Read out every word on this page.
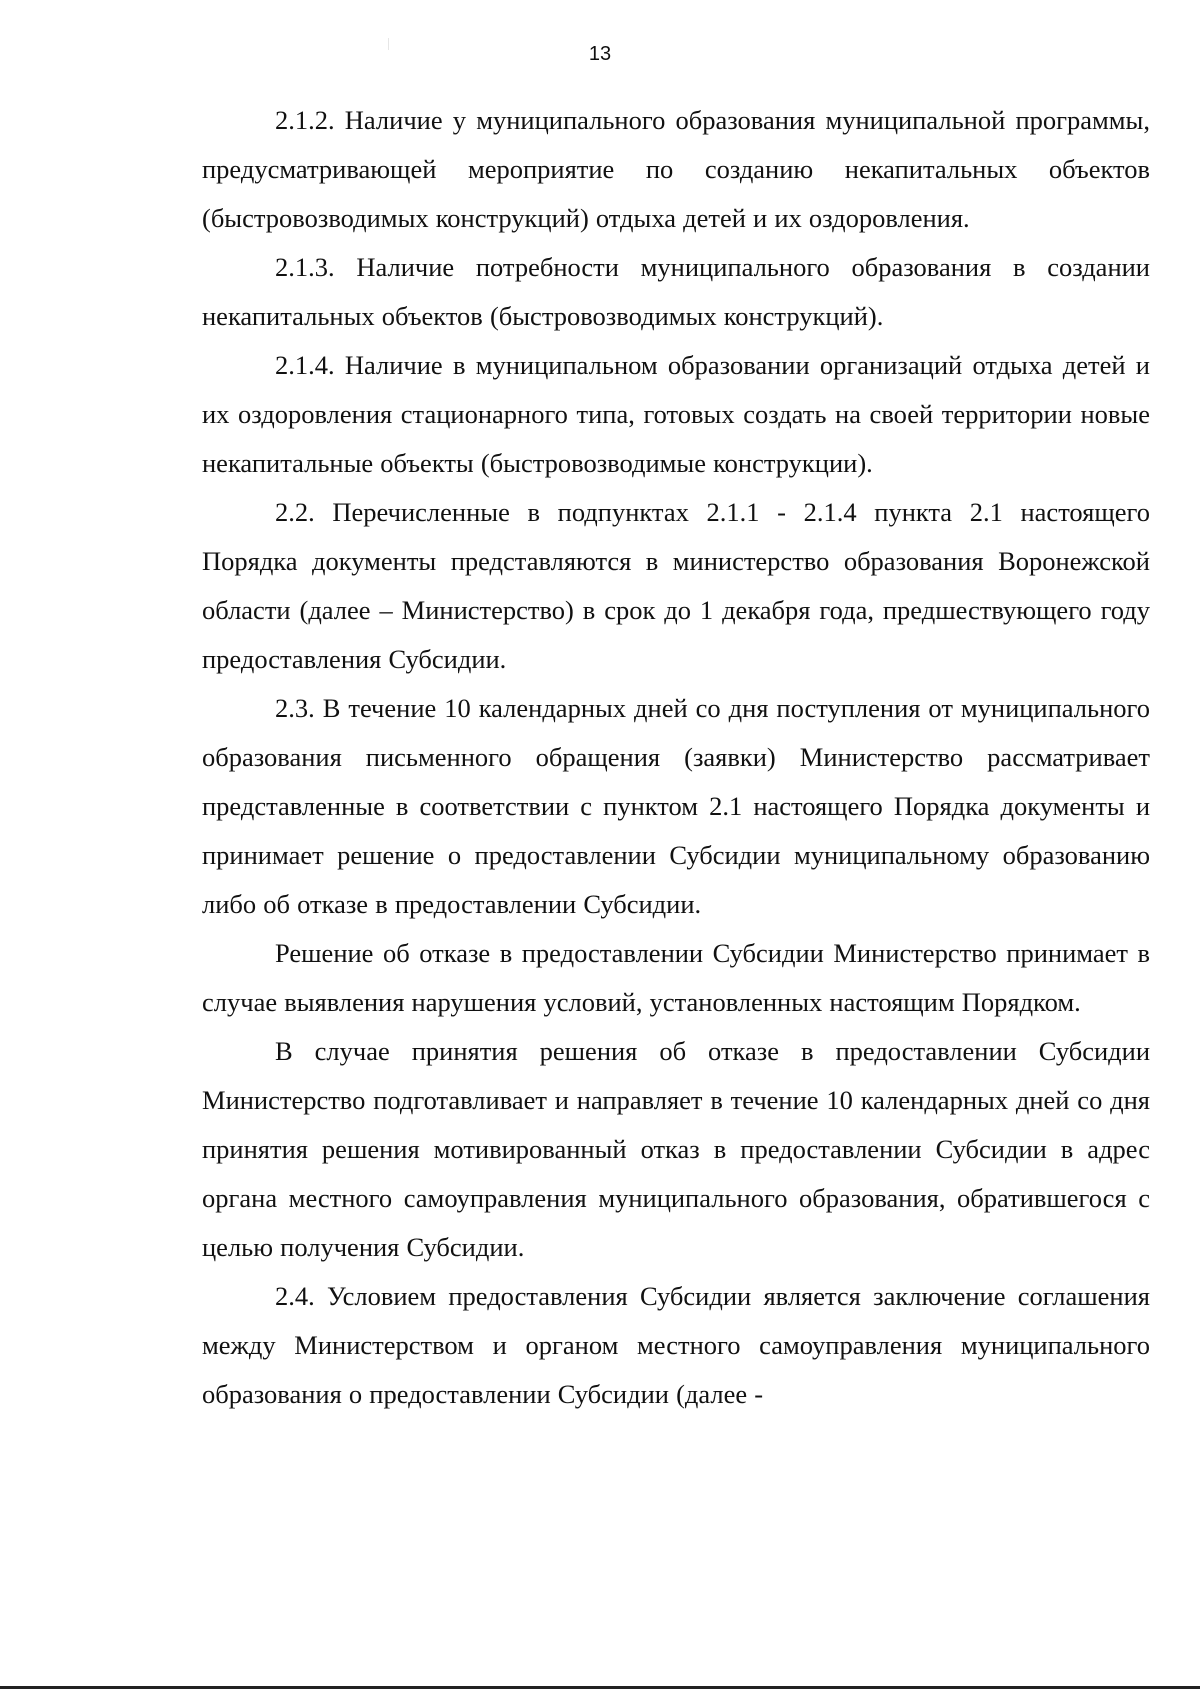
13

2.1.2. Наличие у муниципального образования муниципальной программы, предусматривающей мероприятие по созданию некапитальных объектов (быстровозводимых конструкций) отдыха детей и их оздоровления.

2.1.3. Наличие потребности муниципального образования в создании некапитальных объектов (быстровозводимых конструкций).

2.1.4. Наличие в муниципальном образовании организаций отдыха детей и их оздоровления стационарного типа, готовых создать на своей территории новые некапитальные объекты (быстровозводимые конструкции).

2.2. Перечисленные в подпунктах 2.1.1 - 2.1.4 пункта 2.1 настоящего Порядка документы представляются в министерство образования Воронежской области (далее – Министерство) в срок до 1 декабря года, предшествующего году предоставления Субсидии.

2.3. В течение 10 календарных дней со дня поступления от муниципального образования письменного обращения (заявки) Министерство рассматривает представленные в соответствии с пунктом 2.1 настоящего Порядка документы и принимает решение о предоставлении Субсидии муниципальному образованию либо об отказе в предоставлении Субсидии.

Решение об отказе в предоставлении Субсидии Министерство принимает в случае выявления нарушения условий, установленных настоящим Порядком.

В случае принятия решения об отказе в предоставлении Субсидии Министерство подготавливает и направляет в течение 10 календарных дней со дня принятия решения мотивированный отказ в предоставлении Субсидии в адрес органа местного самоуправления муниципального образования, обратившегося с целью получения Субсидии.

2.4. Условием предоставления Субсидии является заключение соглашения между Министерством и органом местного самоуправления муниципального образования о предоставлении Субсидии (далее -
